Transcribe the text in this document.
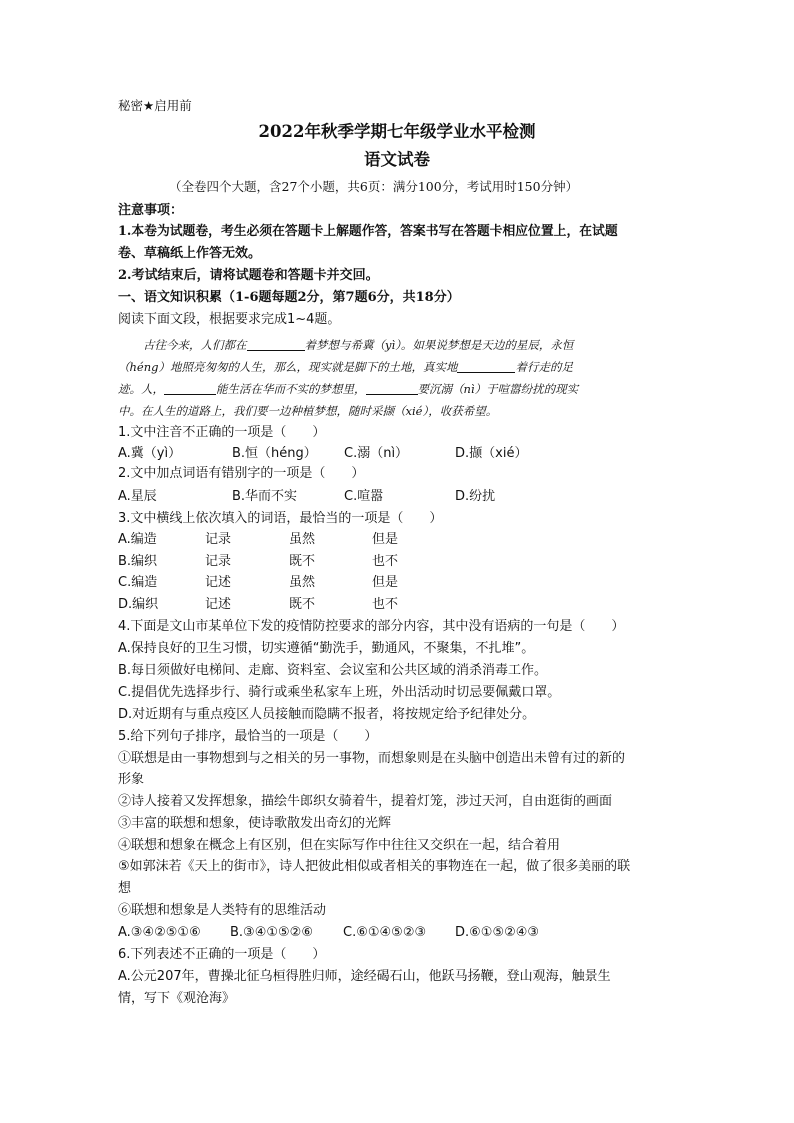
秘密★启用前
2022年秋季学期七年级学业水平检测
语文试卷
（全卷四个大题，含27个小题，共6页：满分100分，考试用时150分钟）
注意事项：
1.本卷为试题卷，考生必须在答题卡上解题作答，答案书写在答题卡相应位置上，在试题
卷、草稿纸上作答无效。
2.考试结束后，请将试题卷和答题卡并交回。
一、语文知识积累（1-6题每题2分，第7题6分，共18分）
阅读下面文段，根据要求完成1~4题。
古往今来，人们都在	着梦想与希冀（yì）。如果说梦想是天边的星辰，永恒
（héng）地照亮匆匆的人生，那么，现实就是脚下的土地，真实地	着行走的足
迹。人，	能生活在华而不实的梦想里，	要沉溺（nì）于喧嚣纷扰的现实
中。在人生的道路上，我们要一边种植梦想，随时采撷（xié），收获希望。
1.文中注音不正确的一项是（　　）
A.冀（yì）	B.恒（héng） C.溺（nì）	D.撷（xié）
2.文中加点词语有错别字的一项是（　　）
A.星辰	B.华而不实	C.喧嚣	D.纷扰
3.文中横线上依次填入的词语，最恰当的一项是（　　）
A.编造	记录	虽然	但是
B.编织	记录	既不	也不
C.编造	记述	虽然	但是
D.编织	记述	既不	也不
4.下面是文山市某单位下发的疫情防控要求的部分内容，其中没有语病的一句是（　　）
A.保持良好的卫生习惯，切实遵循“勤洗手，勤通风，不聚集，不扎堆”。
B.每日须做好电梯间、走廊、资料室、会议室和公共区域的消杀消毒工作。
C.提倡优先选择步行、骑行或乘坐私家车上班，外出活动时切忌要佩戴口罩。
D.对近期有与重点疫区人员接触而隐瞒不报者，将按规定给予纪律处分。
5.给下列句子排序，最恰当的一项是（　　）
①联想是由一事物想到与之相关的另一事物，而想象则是在头脑中创造出未曾有过的新的
形象
②诗人接着又发挥想象，描绘牛郎织女骑着牛，提着灯笼，涉过天河，自由逛街的画面
③丰富的联想和想象，使诗歌散发出奇幻的光辉
④联想和想象在概念上有区别，但在实际写作中往往又交织在一起，结合着用
⑤如郭沫若《天上的街市》，诗人把彼此相似或者相关的事物连在一起，做了很多美丽的联
想
⑥联想和想象是人类特有的思维活动
A.③④②⑤①⑥ B.③④①⑤②⑥ C.⑥①④⑤②③ D.⑥①⑤②④③
6.下列表述不正确的一项是（　　）
A.公元207年，曹操北征乌桓得胜归师，途经碣石山，他跃马扬鞭，登山观海，触景生
情，写下《观沧海》
